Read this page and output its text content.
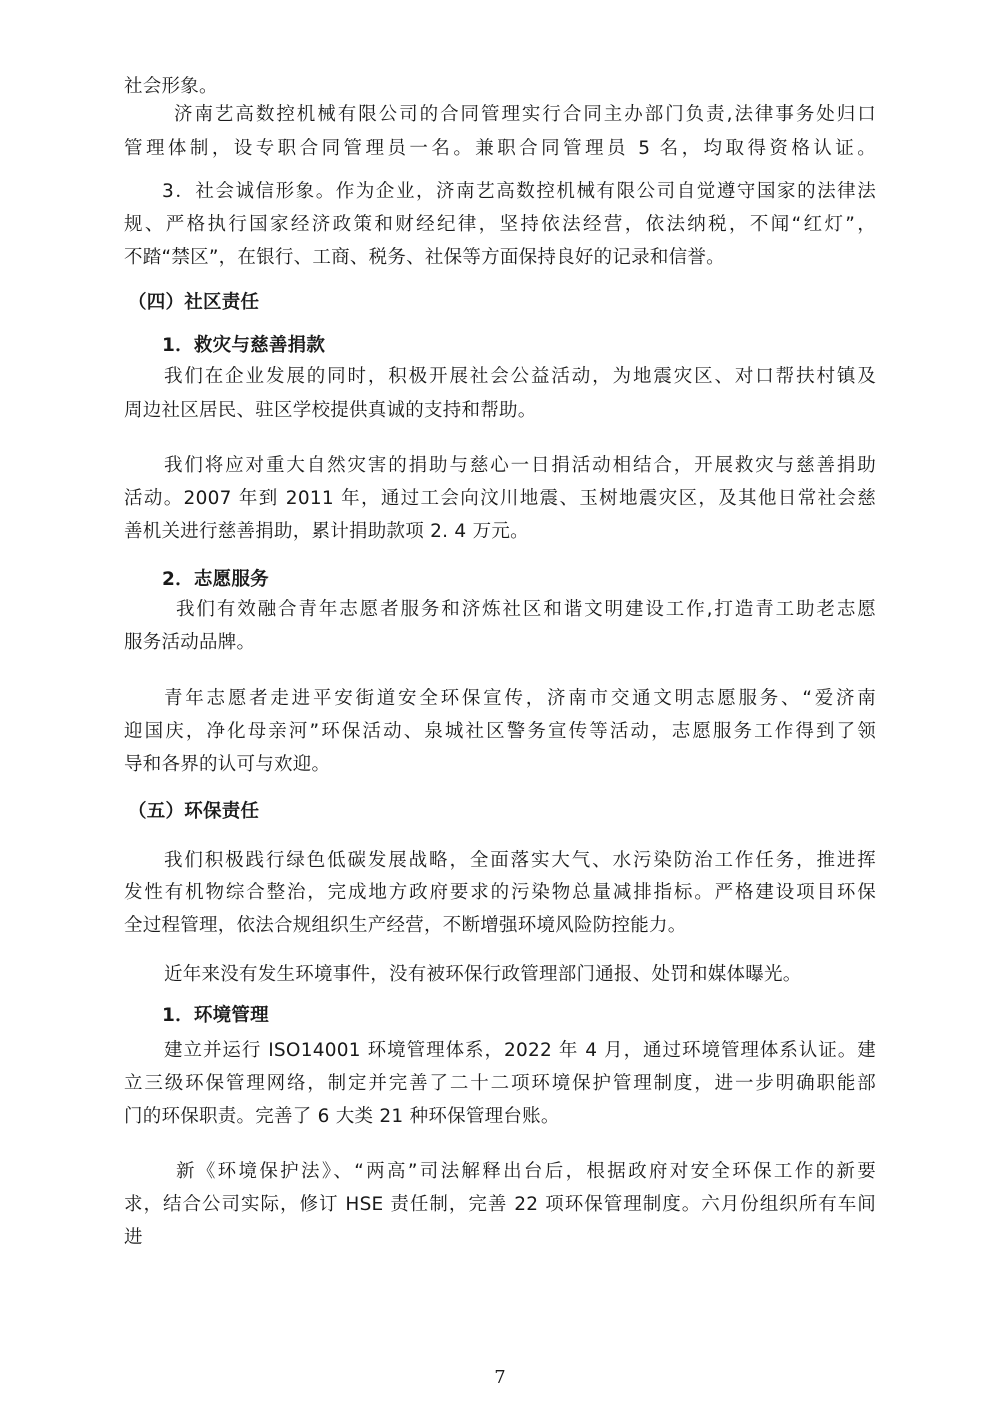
社会形象。
济南艺高数控机械有限公司的合同管理实行合同主办部门负责,法律事务处归口
管理体制，设专职合同管理员一名。兼职合同管理员 5 名，均取得资格认证。
3．社会诚信形象。作为企业，济南艺高数控机械有限公司自觉遵守国家的法律法
规、严格执行国家经济政策和财经纪律，坚持依法经营，依法纳税，不闻“红灯”，
不踏“禁区”，在银行、工商、税务、社保等方面保持良好的记录和信誉。
（四）社区责任
1．救灾与慈善捐款
我们在企业发展的同时，积极开展社会公益活动，为地震灾区、对口帮扶村镇及
周边社区居民、驻区学校提供真诚的支持和帮助。
我们将应对重大自然灾害的捐助与慈心一日捐活动相结合，开展救灾与慈善捐助
活动。2007 年到 2011 年，通过工会向汶川地震、玉树地震灾区，及其他日常社会慈
善机关进行慈善捐助，累计捐助款项 2. 4 万元。
2．志愿服务
我们有效融合青年志愿者服务和济炼社区和谐文明建设工作,打造青工助老志愿
服务活动品牌。
青年志愿者走进平安街道安全环保宣传，济南市交通文明志愿服务、“爱济南
迎国庆，净化母亲河”环保活动、泉城社区警务宣传等活动，志愿服务工作得到了领
导和各界的认可与欢迎。
（五）环保责任
我们积极践行绿色低碳发展战略，全面落实大气、水污染防治工作任务，推进挥
发性有机物综合整治，完成地方政府要求的污染物总量减排指标。严格建设项目环保
全过程管理，依法合规组织生产经营，不断增强环境风险防控能力。
近年来没有发生环境事件，没有被环保行政管理部门通报、处罚和媒体曝光。
1．环境管理
建立并运行 ISO14001 环境管理体系，2022 年 4 月，通过环境管理体系认证。建
立三级环保管理网络，制定并完善了二十二项环境保护管理制度，进一步明确职能部
门的环保职责。完善了 6 大类 21 种环保管理台账。
新《环境保护法》、“两高”司法解释出台后，根据政府对安全环保工作的新要
求，结合公司实际，修订 HSE 责任制，完善 22 项环保管理制度。六月份组织所有车间
进
7
